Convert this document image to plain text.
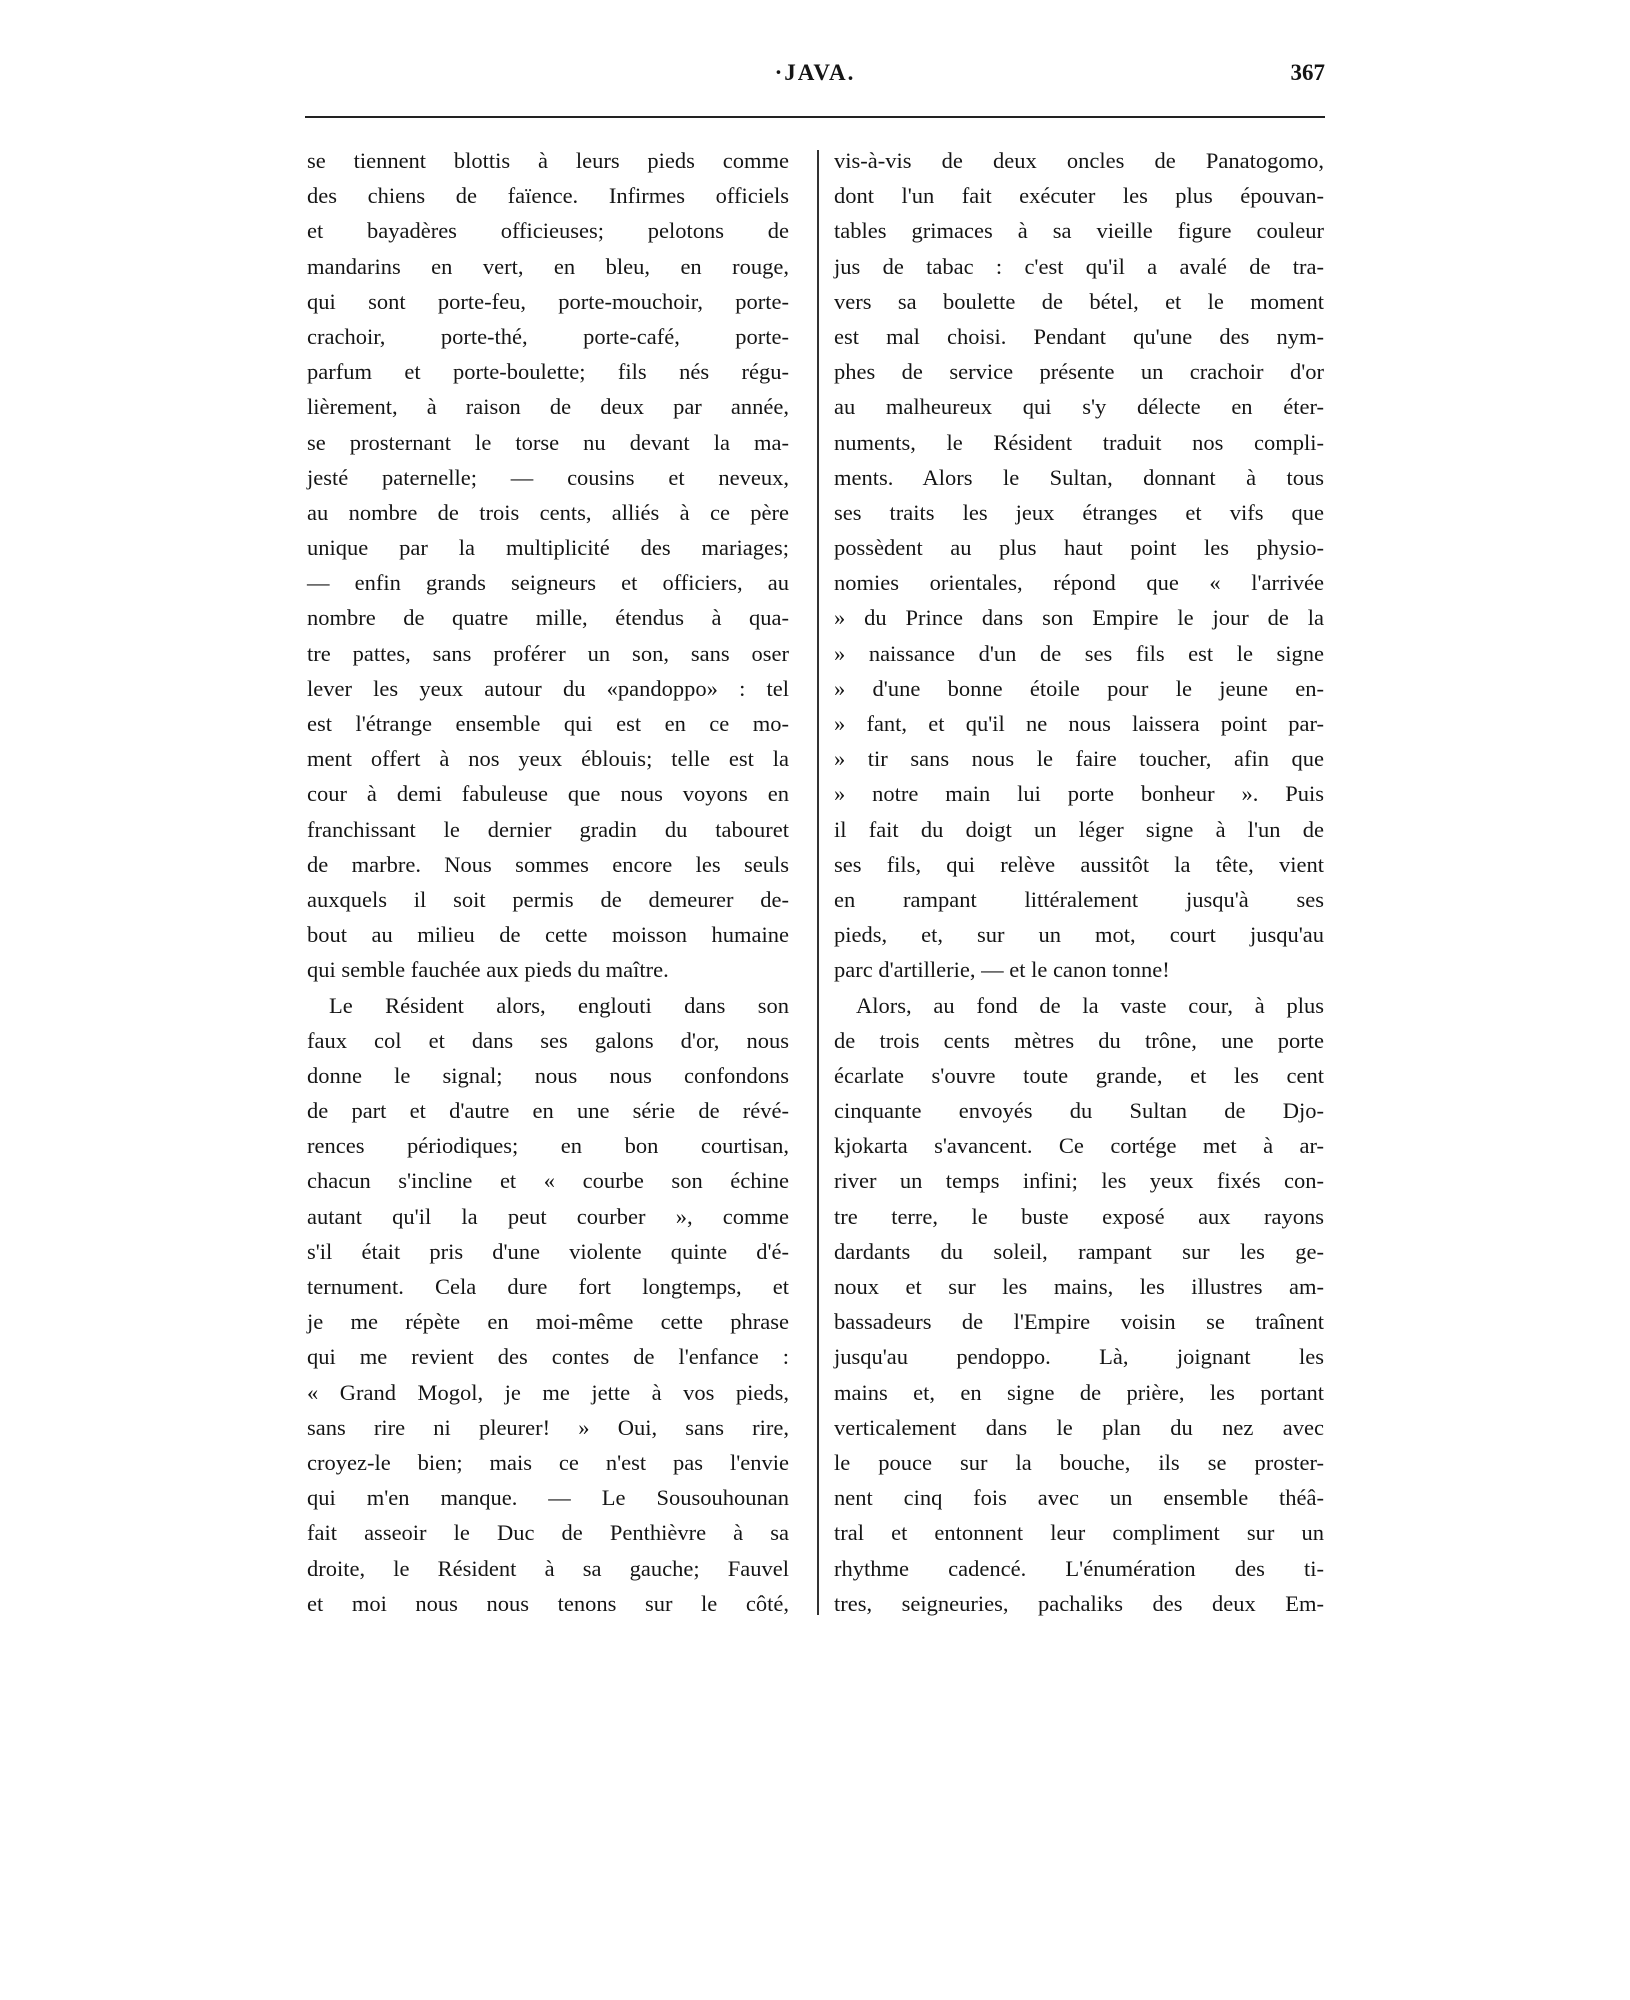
·JAVA.	367
se tiennent blottis à leurs pieds comme
des chiens de faïence. Infirmes officiels
et bayadères officieuses; pelotons de
mandarins en vert, en bleu, en rouge,
qui sont porte-feu, porte-mouchoir, porte-
crachoir, porte-thé, porte-café, porte-
parfum et porte-boulette; fils nés régu-
lièrement, à raison de deux par année,
se prosternant le torse nu devant la ma-
jesté paternelle; — cousins et neveux,
au nombre de trois cents, alliés à ce père
unique par la multiplicité des mariages;
— enfin grands seigneurs et officiers, au
nombre de quatre mille, étendus à qua-
tre pattes, sans proférer un son, sans oser
lever les yeux autour du «pandoppo» : tel
est l'étrange ensemble qui est en ce mo-
ment offert à nos yeux éblouis; telle est la
cour à demi fabuleuse que nous voyons en
franchissant le dernier gradin du tabouret
de marbre. Nous sommes encore les seuls
auxquels il soit permis de demeurer de-
bout au milieu de cette moisson humaine
qui semble fauchée aux pieds du maître.
Le Résident alors, englouti dans son
faux col et dans ses galons d'or, nous
donne le signal; nous nous confondons
de part et d'autre en une série de révé-
rences périodiques; en bon courtisan,
chacun s'incline et « courbe son échine
autant qu'il la peut courber », comme
s'il était pris d'une violente quinte d'é-
ternument. Cela dure fort longtemps, et
je me répète en moi-même cette phrase
qui me revient des contes de l'enfance :
« Grand Mogol, je me jette à vos pieds,
sans rire ni pleurer! » Oui, sans rire,
croyez-le bien; mais ce n'est pas l'envie
qui m'en manque. — Le Sousouhounan
fait asseoir le Duc de Penthièvre à sa
droite, le Résident à sa gauche; Fauvel
et moi nous nous tenons sur le côté,
vis-à-vis de deux oncles de Panatogomo,
dont l'un fait exécuter les plus épouvan-
tables grimaces à sa vieille figure couleur
jus de tabac : c'est qu'il a avalé de tra-
vers sa boulette de bétel, et le moment
est mal choisi. Pendant qu'une des nym-
phes de service présente un crachoir d'or
au malheureux qui s'y délecte en éter-
numents, le Résident traduit nos compli-
ments. Alors le Sultan, donnant à tous
ses traits les jeux étranges et vifs que
possèdent au plus haut point les physio-
nomies orientales, répond que « l'arrivée
» du Prince dans son Empire le jour de la
» naissance d'un de ses fils est le signe
» d'une bonne étoile pour le jeune en-
» fant, et qu'il ne nous laissera point par-
» tir sans nous le faire toucher, afin que
» notre main lui porte bonheur ». Puis
il fait du doigt un léger signe à l'un de
ses fils, qui relève aussitôt la tête, vient
en rampant littéralement jusqu'à ses
pieds, et, sur un mot, court jusqu'au
parc d'artillerie, — et le canon tonne!
Alors, au fond de la vaste cour, à plus
de trois cents mètres du trône, une porte
écarlate s'ouvre toute grande, et les cent
cinquante envoyés du Sultan de Djo-
kjokarta s'avancent. Ce cortége met à ar-
river un temps infini; les yeux fixés con-
tre terre, le buste exposé aux rayons
dardants du soleil, rampant sur les ge-
noux et sur les mains, les illustres am-
bassadeurs de l'Empire voisin se traînent
jusqu'au pendoppo. Là, joignant les
mains et, en signe de prière, les portant
verticalement dans le plan du nez avec
le pouce sur la bouche, ils se proster-
nent cinq fois avec un ensemble théâ-
tral et entonnent leur compliment sur un
rhythme cadencé. L'énumération des ti-
tres, seigneuries, pachaliks des deux Em-
